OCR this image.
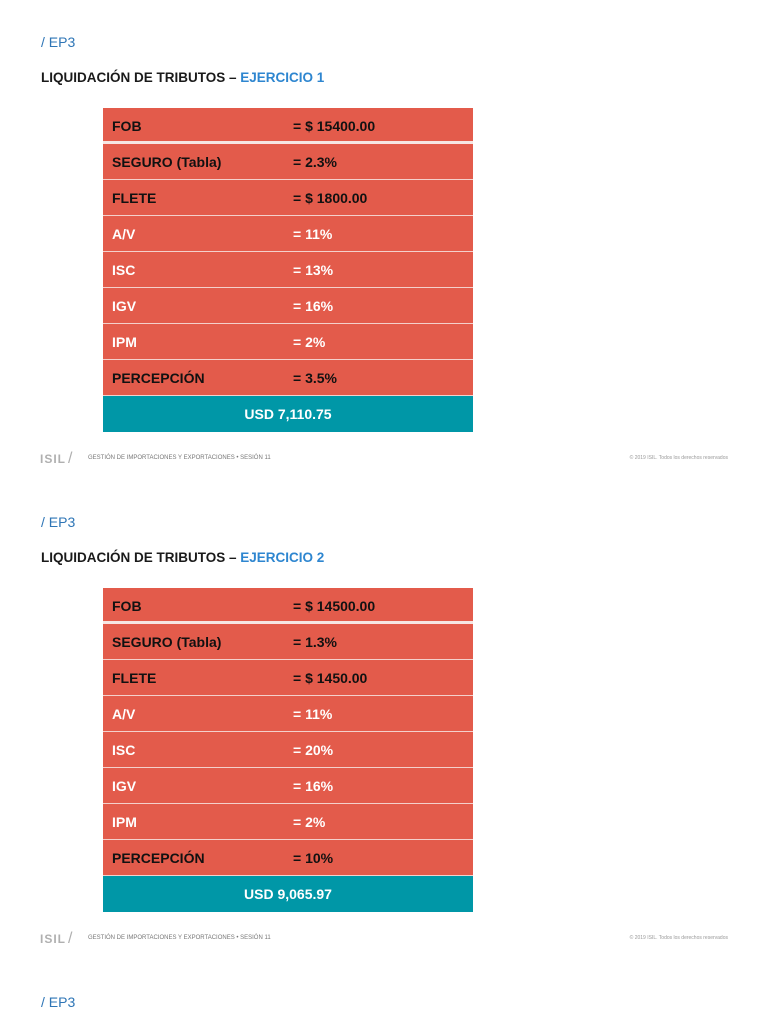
/ EP3
LIQUIDACIÓN DE TRIBUTOS – EJERCICIO 1
FOB	= $ 15400.00
SEGURO (Tabla)	= 2.3%
FLETE	= $ 1800.00
A/V	= 11%
ISC	= 13%
IGV	= 16%
IPM	= 2%
PERCEPCIÓN	= 3.5%
USD 7,110.75
ISIL /	GESTIÓN DE IMPORTACIONES Y EXPORTACIONES • SESIÓN 11	© 2019 ISIL. Todos los derechos reservados
/ EP3
LIQUIDACIÓN DE TRIBUTOS – EJERCICIO 2
FOB	= $ 14500.00
SEGURO (Tabla)	= 1.3%
FLETE	= $ 1450.00
A/V	= 11%
ISC	= 20%
IGV	= 16%
IPM	= 2%
PERCEPCIÓN	= 10%
USD 9,065.97
ISIL /	GESTIÓN DE IMPORTACIONES Y EXPORTACIONES • SESIÓN 11	© 2019 ISIL. Todos los derechos reservados
/ EP3
